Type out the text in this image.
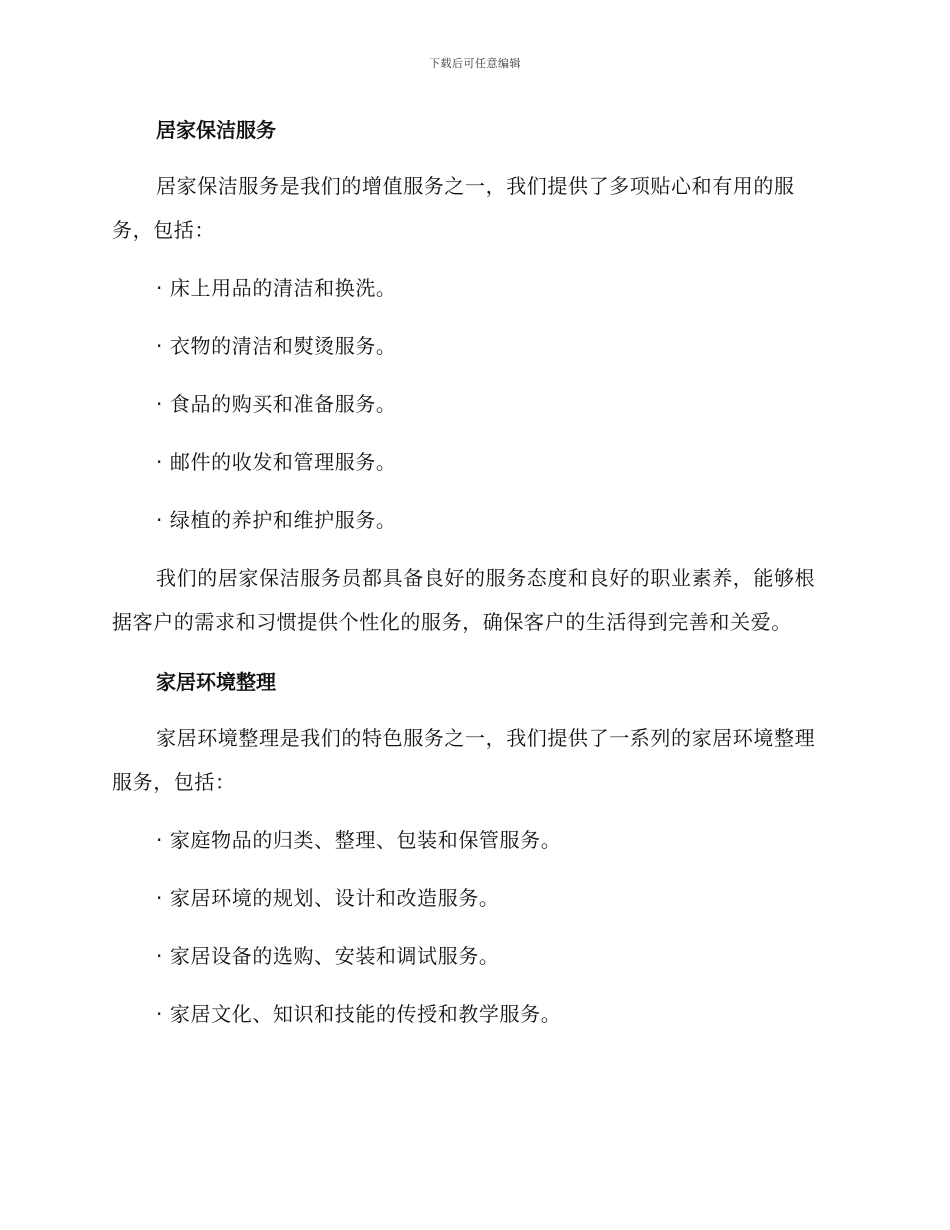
下载后可任意编辑
居家保洁服务

居家保洁服务是我们的增值服务之一，我们提供了多项贴心和有用的服务，包括：

· 床上用品的清洁和换洗。

· 衣物的清洁和熨烫服务。

· 食品的购买和准备服务。

· 邮件的收发和管理服务。

· 绿植的养护和维护服务。

我们的居家保洁服务员都具备良好的服务态度和良好的职业素养，能够根据客户的需求和习惯提供个性化的服务，确保客户的生活得到完善和关爱。

家居环境整理

家居环境整理是我们的特色服务之一，我们提供了一系列的家居环境整理服务，包括：

· 家庭物品的归类、整理、包装和保管服务。

· 家居环境的规划、设计和改造服务。

· 家居设备的选购、安装和调试服务。

· 家居文化、知识和技能的传授和教学服务。
